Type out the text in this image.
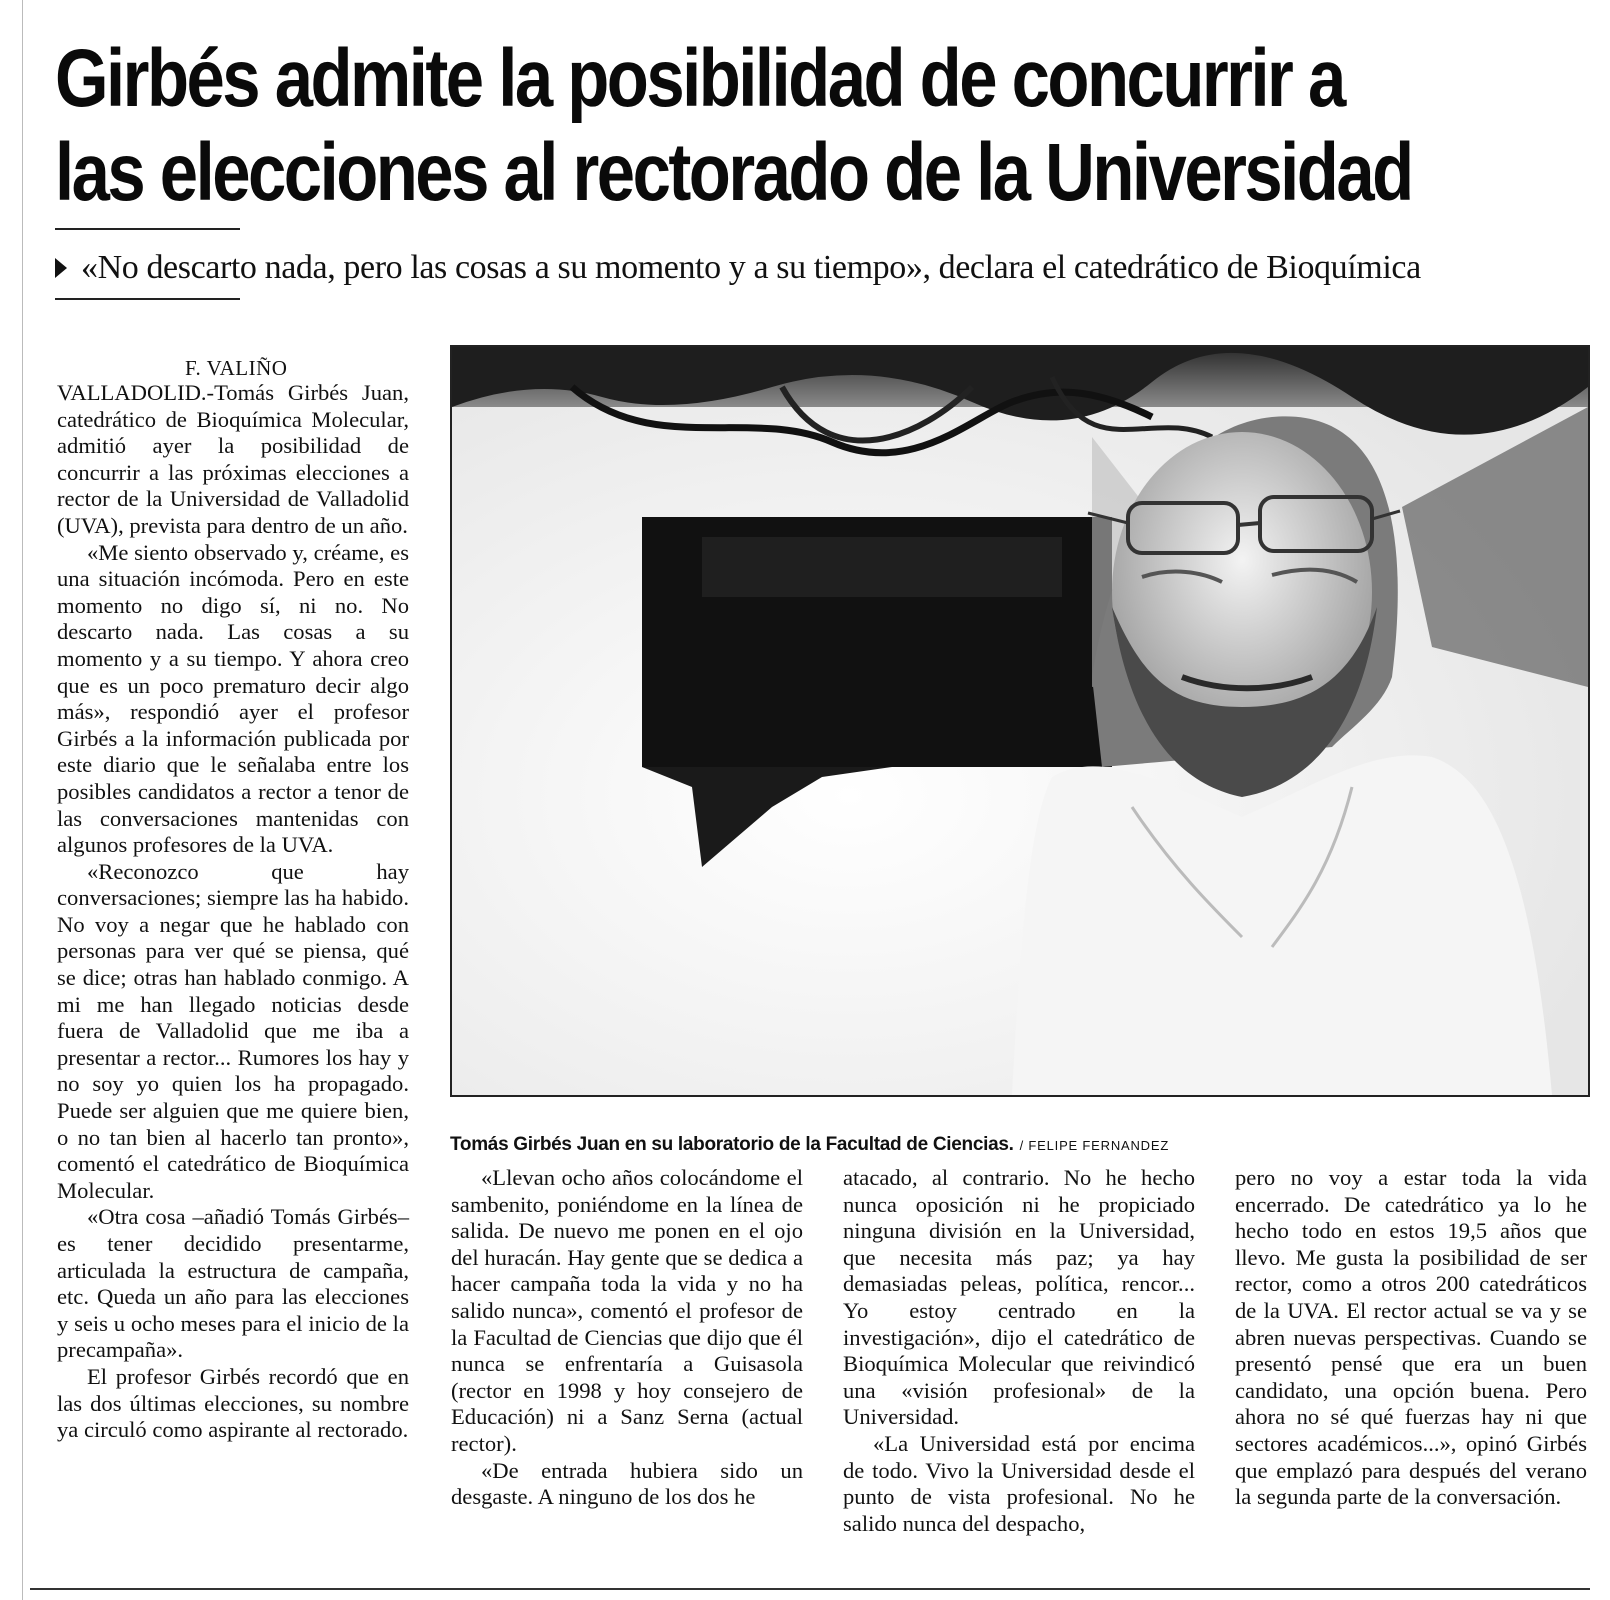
Girbés admite la posibilidad de concurrir a
las elecciones al rectorado de la Universidad
«No descarto nada, pero las cosas a su momento y a su tiempo», declara el catedrático de Bioquímica
F. VALIÑO

VALLADOLID.-Tomás Girbés Juan, catedrático de Bioquímica Molecular, admitió ayer la posibilidad de concurrir a las próximas elecciones a rector de la Universidad de Valladolid (UVA), prevista para dentro de un año.

«Me siento observado y, créame, es una situación incómoda. Pero en este momento no digo sí, ni no. No descarto nada. Las cosas a su momento y a su tiempo. Y ahora creo que es un poco prematuro decir algo más», respondió ayer el profesor Girbés a la información publicada por este diario que le señalaba entre los posibles candidatos a rector a tenor de las conversaciones mantenidas con algunos profesores de la UVA.

«Reconozco que hay conversaciones; siempre las ha habido. No voy a negar que he hablado con personas para ver qué se piensa, qué se dice; otras han hablado conmigo. A mi me han llegado noticias desde fuera de Valladolid que me iba a presentar a rector... Rumores los hay y no soy yo quien los ha propagado. Puede ser alguien que me quiere bien, o no tan bien al hacerlo tan pronto», comentó el catedrático de Bioquímica Molecular.

«Otra cosa –añadió Tomás Girbés– es tener decidido presentarme, articulada la estructura de campaña, etc. Queda un año para las elecciones y seis u ocho meses para el inicio de la precampaña».

El profesor Girbés recordó que en las dos últimas elecciones, su nombre ya circuló como aspirante al rectorado.

Tomás Girbés Juan en su laboratorio de la Facultad de Ciencias. / FELIPE FERNANDEZ

«Llevan ocho años colocándome el sambenito, poniéndome en la línea de salida. De nuevo me ponen en el ojo del huracán. Hay gente que se dedica a hacer campaña toda la vida y no ha salido nunca», comentó el profesor de la Facultad de Ciencias que dijo que él nunca se enfrentaría a Guisasola (rector en 1998 y hoy consejero de Educación) ni a Sanz Serna (actual rector).

«De entrada hubiera sido un desgaste. A ninguno de los dos he

atacado, al contrario. No he hecho nunca oposición ni he propiciado ninguna división en la Universidad, que necesita más paz; ya hay demasiadas peleas, política, rencor... Yo estoy centrado en la investigación», dijo el catedrático de Bioquímica Molecular que reivindicó una «visión profesional» de la Universidad.

«La Universidad está por encima de todo. Vivo la Universidad desde el punto de vista profesional. No he salido nunca del despacho,

pero no voy a estar toda la vida encerrado. De catedrático ya lo he hecho todo en estos 19,5 años que llevo. Me gusta la posibilidad de ser rector, como a otros 200 catedráticos de la UVA. El rector actual se va y se abren nuevas perspectivas. Cuando se presentó pensé que era un buen candidato, una opción buena. Pero ahora no sé qué fuerzas hay ni que sectores académicos...», opinó Girbés que emplazó para después del verano la segunda parte de la conversación.
